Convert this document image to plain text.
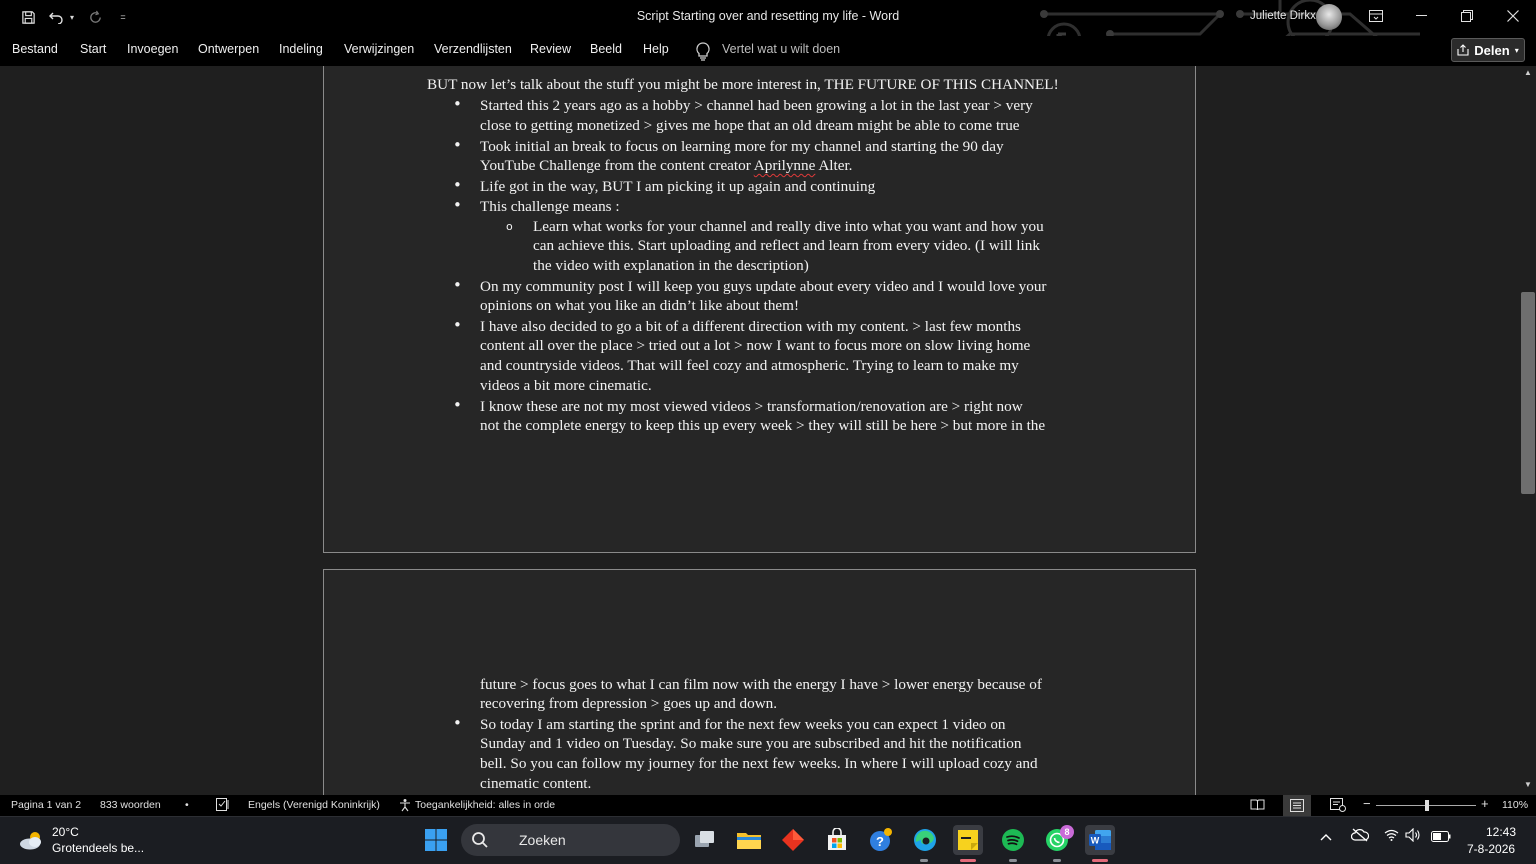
▾	=	Script Starting over and resetting my life - Word	Juliette Dirkx
Bestand Start Invoegen Ontwerpen Indeling Verwijzingen Verzendlijsten Review Beeld Help	Vertel wat u wilt doen	Delen ▾
BUT now let’s talk about the stuff you might be more interest in, THE FUTURE OF THIS CHANNEL!
• Started this 2 years ago as a hobby > channel had been growing a lot in the last year > very
close to getting monetized > gives me hope that an old dream might be able to come true
• Took initial an break to focus on learning more for my channel and starting the 90 day
YouTube Challenge from the content creator Aprilynne Alter.
• Life got in the way, BUT I am picking it up again and continuing
• This challenge means :
o Learn what works for your channel and really dive into what you want and how you
can achieve this. Start uploading and reflect and learn from every video. (I will link
the video with explanation in the description)
• On my community post I will keep you guys update about every video and I would love your
opinions on what you like an didn’t like about them!
• I have also decided to go a bit of a different direction with my content. > last few months
content all over the place > tried out a lot > now I want to focus more on slow living home
and countryside videos. That will feel cozy and atmospheric. Trying to learn to make my
videos a bit more cinematic.
• I know these are not my most viewed videos > transformation/renovation are > right now
not the complete energy to keep this up every week > they will still be here > but more in the
future > focus goes to what I can film now with the energy I have > lower energy because of
recovering from depression > goes up and down.
• So today I am starting the sprint and for the next few weeks you can expect 1 video on
Sunday and 1 video on Tuesday. So make sure you are subscribed and hit the notification
bell. So you can follow my journey for the next few weeks. In where I will upload cozy and
cinematic content.
▲
▼
Pagina 1 van 2 833 woorden •	Engels (Verenigd Koninkrijk)	Toegankelijkheid: alles in orde	−	+ 110%
20°C
Grotendeels be...	Zoeken	?
8
W
12:43
7-8-2026
